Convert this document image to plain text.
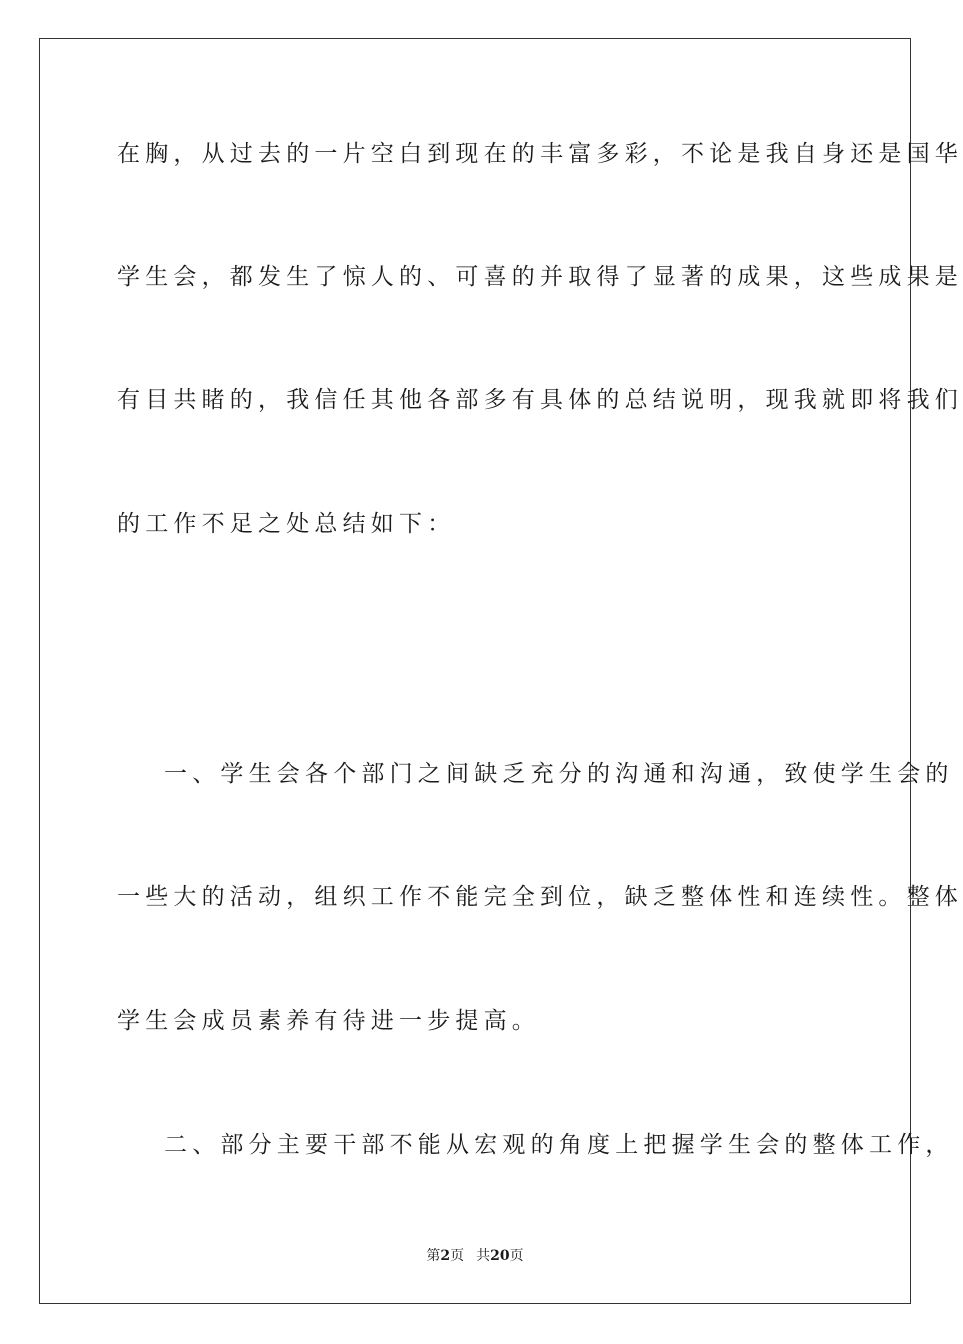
在胸，从过去的一片空白到现在的丰富多彩，不论是我自身还是国华
学生会，都发生了惊人的、可喜的并取得了显著的成果，这些成果是
有目共睹的，我信任其他各部多有具体的总结说明，现我就即将我们
的工作不足之处总结如下：
一、学生会各个部门之间缺乏充分的沟通和沟通，致使学生会的
一些大的活动，组织工作不能完全到位，缺乏整体性和连续性。整体
学生会成员素养有待进一步提高。
二、部分主要干部不能从宏观的角度上把握学生会的整体工作，
第2页 共20页
